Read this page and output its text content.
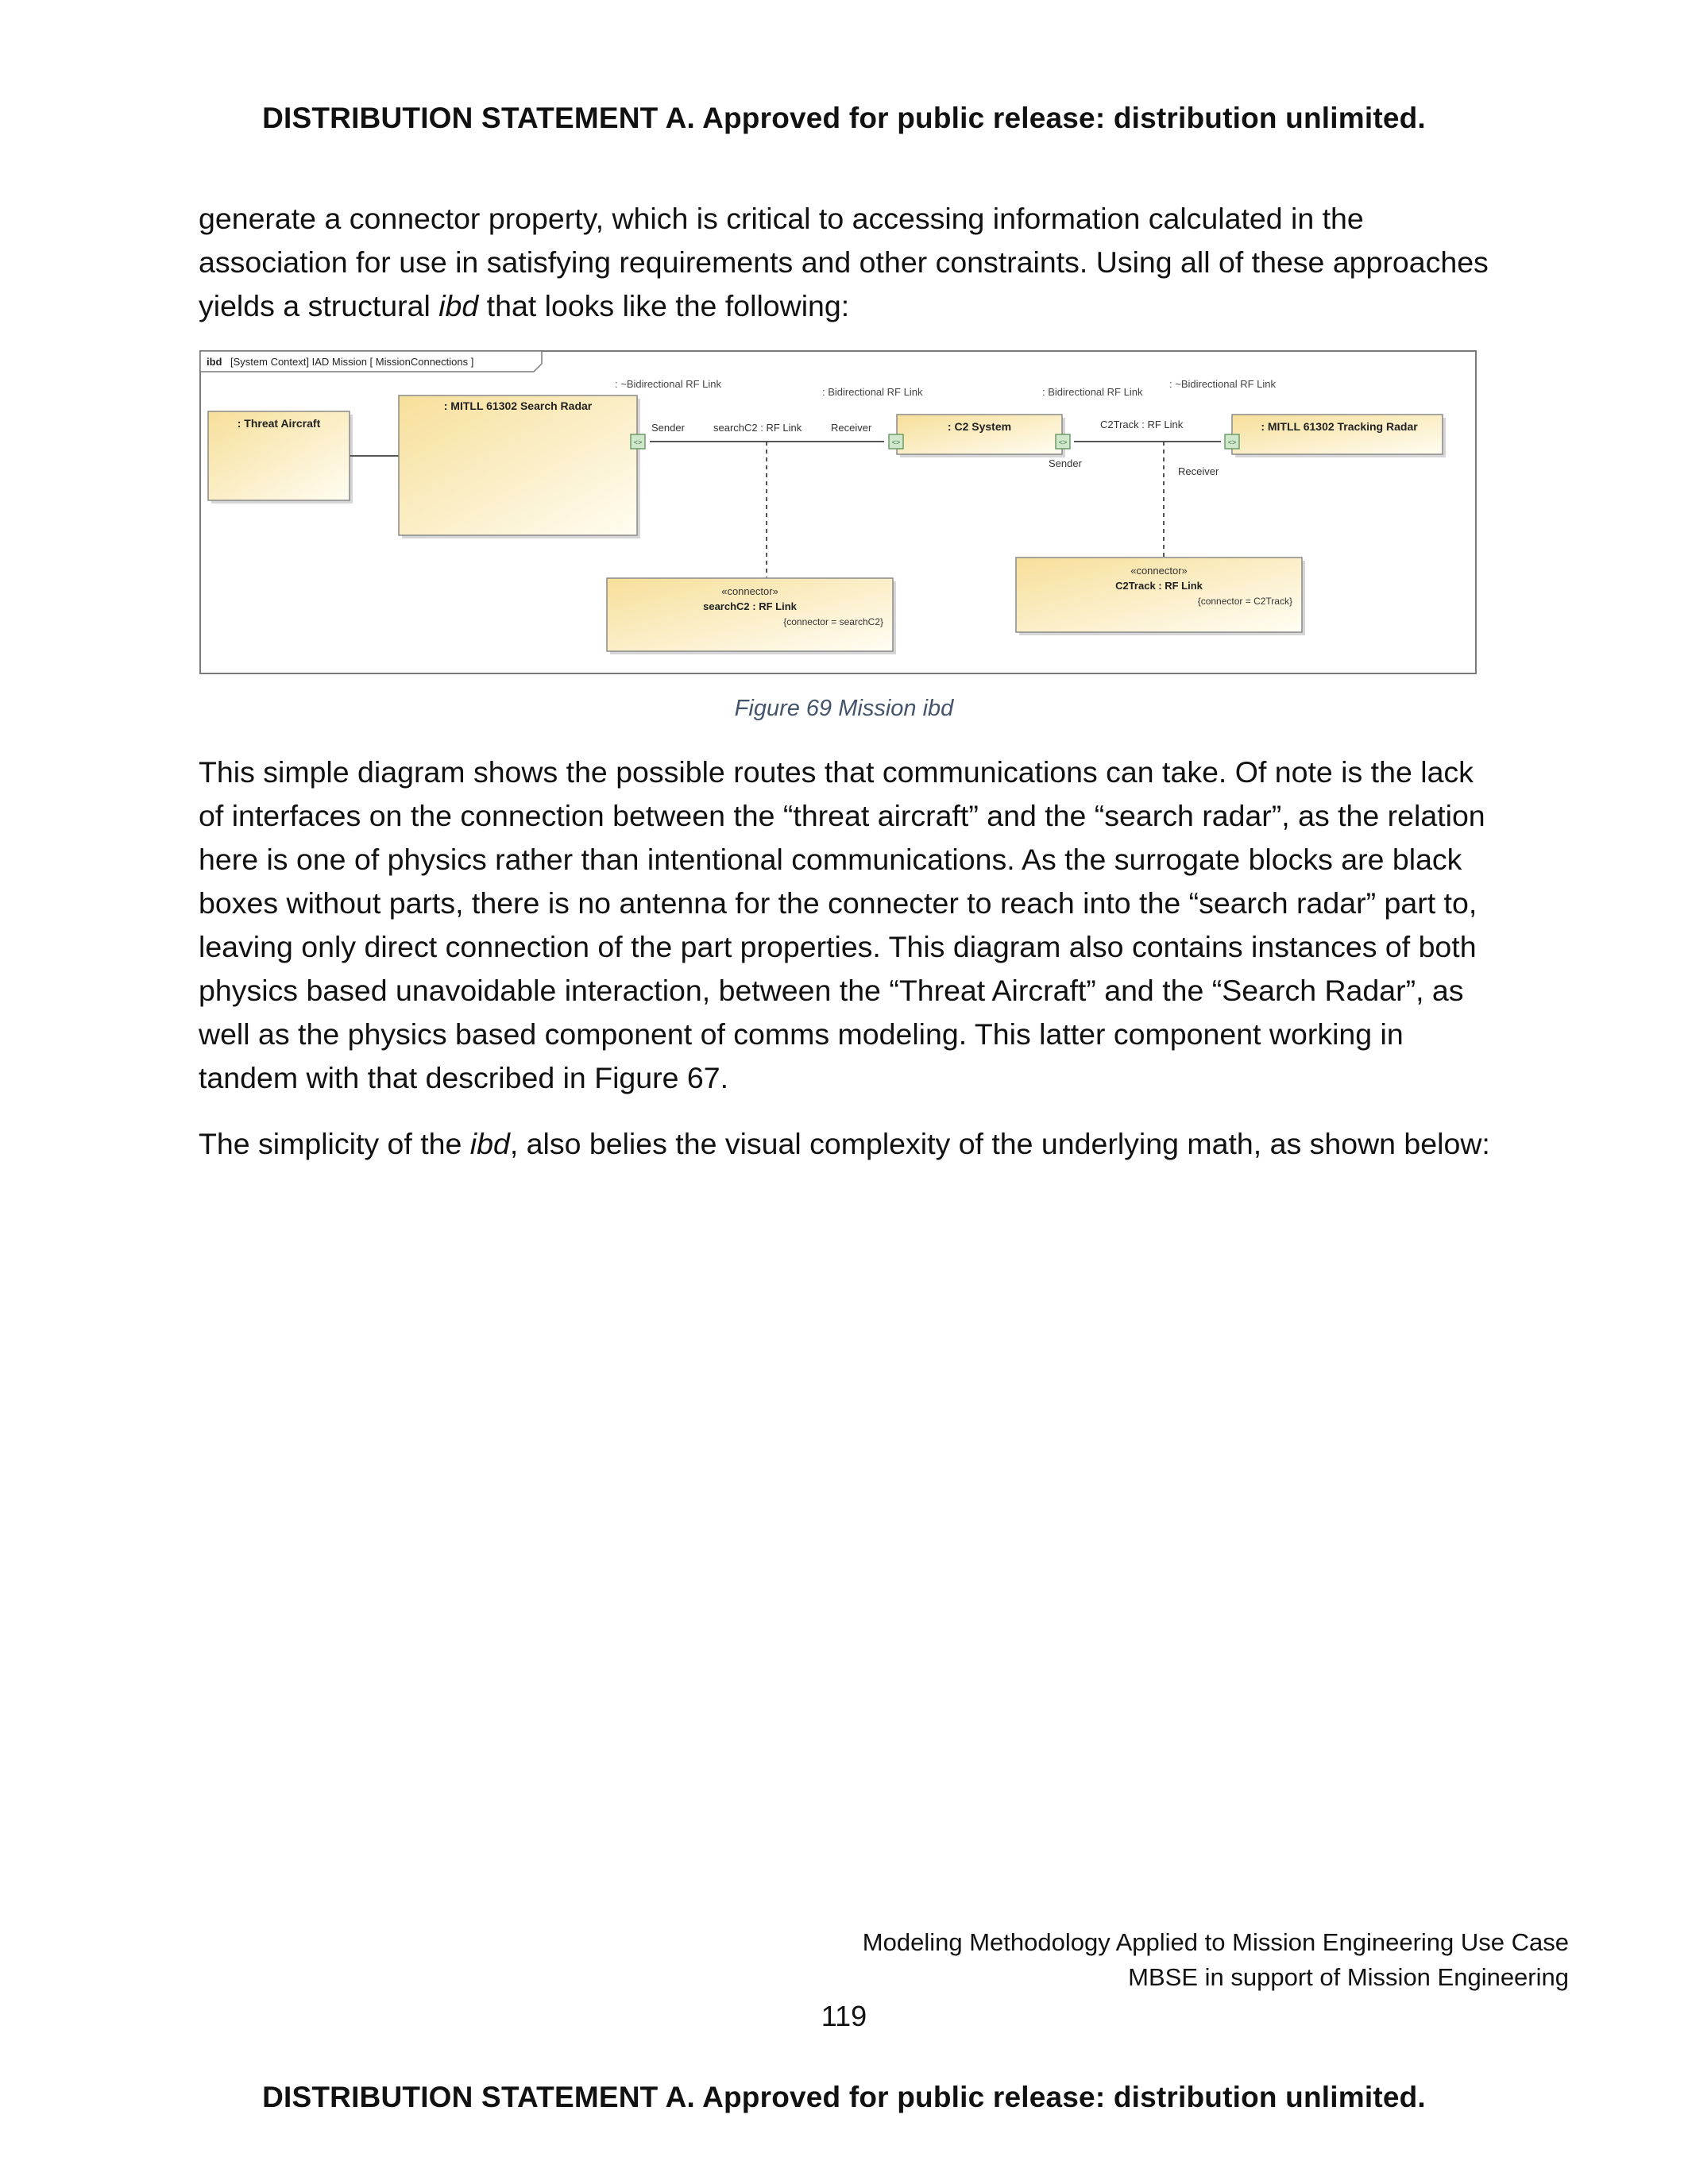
DISTRIBUTION STATEMENT A. Approved for public release: distribution unlimited.

generate a connector property, which is critical to accessing information calculated in the association for use in satisfying requirements and other constraints. Using all of these approaches yields a structural ibd that looks like the following:

ibd [System Context] IAD Mission [ MissionConnections ]
: Threat Aircraft
: MITLL 61302 Search Radar
: C2 System	: MITLL 61302 Tracking Radar
<>	<>	<>	<>
: ~Bidirectional RF Link
: Bidirectional RF Link	: Bidirectional RF Link
: ~Bidirectional RF Link
Sender	searchC2 : RF Link	Receiver
Sender
C2Track : RF Link
Receiver
«connector»
searchC2 : RF Link
{connector = searchC2}
«connector»
C2Track : RF Link
{connector = C2Track}
Figure 69 Mission ibd

This simple diagram shows the possible routes that communications can take. Of note is the lack of interfaces on the connection between the “threat aircraft” and the “search radar”, as the relation here is one of physics rather than intentional communications. As the surrogate blocks are black boxes without parts, there is no antenna for the connecter to reach into the “search radar” part to, leaving only direct connection of the part properties. This diagram also contains instances of both physics based unavoidable interaction, between the “Threat Aircraft” and the “Search Radar”, as well as the physics based component of comms modeling. This latter component working in tandem with that described in Figure 67.

The simplicity of the ibd, also belies the visual complexity of the underlying math, as shown below:

Modeling Methodology Applied to Mission Engineering Use Case
MBSE in support of Mission Engineering
119
DISTRIBUTION STATEMENT A. Approved for public release: distribution unlimited.
